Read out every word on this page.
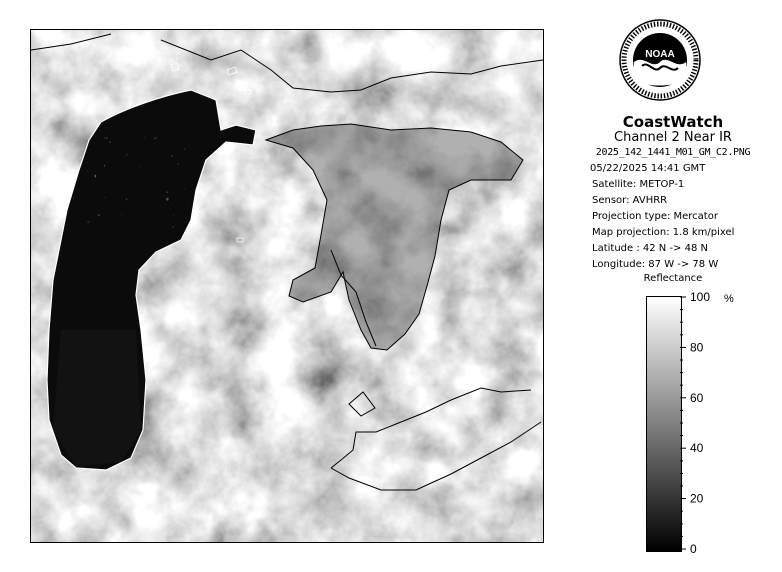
NOAA
CoastWatch
Channel 2 Near IR
2025_142_1441_M01_GM_C2.PNG
05/22/2025 14:41 GMT
Satellite: METOP-1
Sensor: AVHRR
Projection type: Mercator
Map projection: 1.8 km/pixel
Latitude : 42 N -> 48 N
Longitude: 87 W -> 78 W
Reflectance
100
80
60
40
20
0
%
